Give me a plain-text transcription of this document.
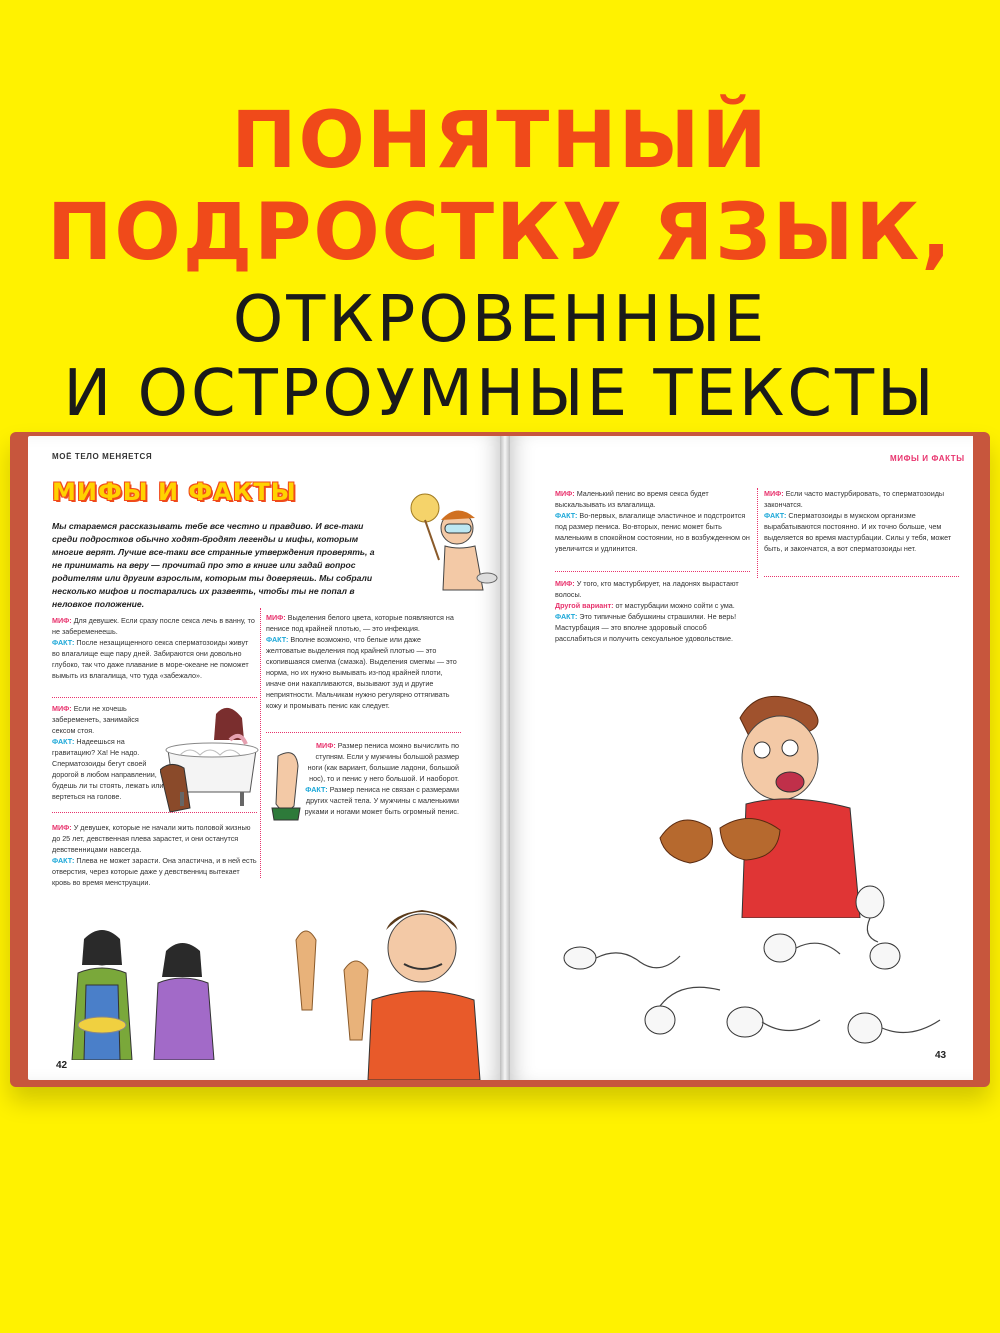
ПОНЯТНЫЙ
ПОДРОСТКУ ЯЗЫК,
ОТКРОВЕННЫЕ
И ОСТРОУМНЫЕ ТЕКСТЫ
МОЁ ТЕЛО МЕНЯЕТСЯ
МИФЫ И ФАКТЫ
Мы стараемся рассказывать тебе все честно и правдиво. И все-таки среди подростков обычно ходят-бродят легенды и мифы, которым многие верят. Лучше все-таки все странные утверждения проверять, а не принимать на веру — прочитай про это в книге или задай вопрос родителям или другим взрослым, которым ты доверяешь. Мы собрали несколько мифов и постарались их развеять, чтобы ты не попал в неловкое положение.
МИФ: Для девушек. Если сразу после секса лечь в ванну, то не забеременеешь.
ФАКТ: После незащищенного секса сперматозоиды живут во влагалище еще пару дней. Забираются они довольно глубоко, так что даже плавание в море-океане не поможет вымыть из влагалища, что туда «забежало».
МИФ: Если не хочешь забеременеть, занимайся сексом стоя.
ФАКТ: Надеешься на гравитацию? Ха! Не надо. Сперматозоиды бегут своей дорогой в любом направлении, будешь ли ты стоять, лежать или вертеться на голове.
МИФ: У девушек, которые не начали жить половой жизнью до 25 лет, девственная плева зарастет, и они останутся девственницами навсегда.
ФАКТ: Плева не может зарасти. Она эластична, и в ней есть отверстия, через которые даже у девственниц вытекает кровь во время менструации.
МИФ: Выделения белого цвета, которые появляются на пенисе под крайней плотью, — это инфекция.
ФАКТ: Вполне возможно, что белые или даже желтоватые выделения под крайней плотью — это скопившаяся смегма (смазка). Выделения смегмы — это норма, но их нужно вымывать из-под крайней плоти, иначе они накапливаются, вызывают зуд и другие неприятности. Мальчикам нужно регулярно оттягивать кожу и промывать пенис как следует.
МИФ: Размер пениса можно вычислить по ступням. Если у мужчины большой размер ноги (как вариант, большие ладони, большой нос), то и пенис у него большой. И наоборот.
ФАКТ: Размер пениса не связан с размерами других частей тела. У мужчины с маленькими руками и ногами может быть огромный пенис.
42
МИФЫ И ФАКТЫ
МИФ: Маленький пенис во время секса будет выскальзывать из влагалища.
ФАКТ: Во-первых, влагалище эластичное и подстроится под размер пениса. Во-вторых, пенис может быть маленьким в спокойном состоянии, но в возбужденном он увеличится и удлинится.
МИФ: У того, кто мастурбирует, на ладонях вырастают волосы.
Другой вариант: от мастурбации можно сойти с ума.
ФАКТ: Это типичные бабушкины страшилки. Не верь! Мастурбация — это вполне здоровый способ расслабиться и получить сексуальное удовольствие.
МИФ: Если часто мастурбировать, то сперматозоиды закончатся.
ФАКТ: Сперматозоиды в мужском организме вырабатываются постоянно. И их точно больше, чем выделяется во время мастурбации. Силы у тебя, может быть, и закончатся, а вот сперматозоиды нет.
43
